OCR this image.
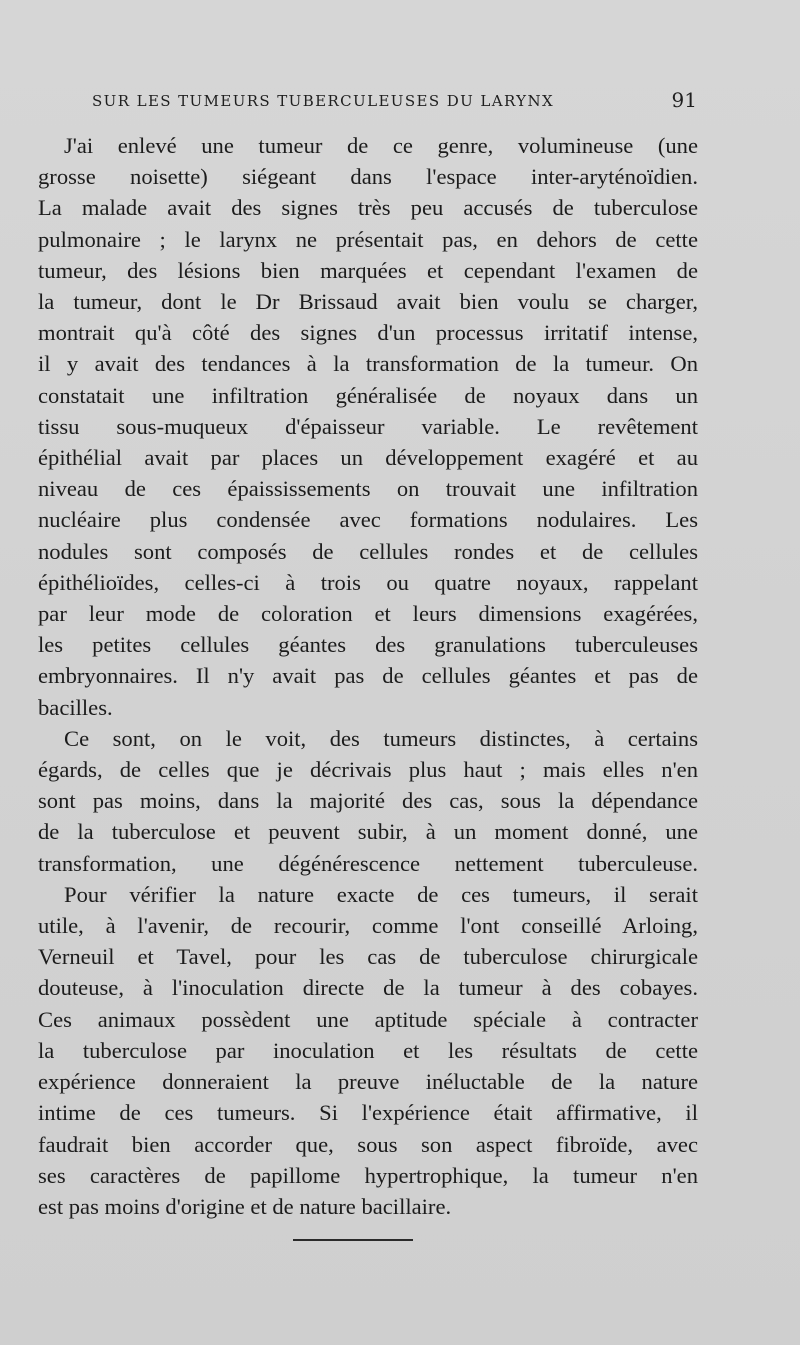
SUR LES TUMEURS TUBERCULEUSES DU LARYNX	91
J'ai enlevé une tumeur de ce genre, volumineuse (une
grosse noisette) siégeant dans l'espace inter-aryténoïdien.
La malade avait des signes très peu accusés de tuberculose
pulmonaire ; le larynx ne présentait pas, en dehors de cette
tumeur, des lésions bien marquées et cependant l'examen de
la tumeur, dont le Dr Brissaud avait bien voulu se charger,
montrait qu'à côté des signes d'un processus irritatif intense,
il y avait des tendances à la transformation de la tumeur. On
constatait une infiltration généralisée de noyaux dans un
tissu sous-muqueux d'épaisseur variable. Le revêtement
épithélial avait par places un développement exagéré et au
niveau de ces épaississements on trouvait une infiltration
nucléaire plus condensée avec formations nodulaires. Les
nodules sont composés de cellules rondes et de cellules
épithélioïdes, celles-ci à trois ou quatre noyaux, rappelant
par leur mode de coloration et leurs dimensions exagérées,
les petites cellules géantes des granulations tuberculeuses
embryonnaires. Il n'y avait pas de cellules géantes et pas de
bacilles.
Ce sont, on le voit, des tumeurs distinctes, à certains
égards, de celles que je décrivais plus haut ; mais elles n'en
sont pas moins, dans la majorité des cas, sous la dépendance
de la tuberculose et peuvent subir, à un moment donné, une
transformation, une dégénérescence nettement tuberculeuse.
Pour vérifier la nature exacte de ces tumeurs, il serait
utile, à l'avenir, de recourir, comme l'ont conseillé Arloing,
Verneuil et Tavel, pour les cas de tuberculose chirurgicale
douteuse, à l'inoculation directe de la tumeur à des cobayes.
Ces animaux possèdent une aptitude spéciale à contracter
la tuberculose par inoculation et les résultats de cette
expérience donneraient la preuve inéluctable de la nature
intime de ces tumeurs. Si l'expérience était affirmative, il
faudrait bien accorder que, sous son aspect fibroïde, avec
ses caractères de papillome hypertrophique, la tumeur n'en
est pas moins d'origine et de nature bacillaire.
